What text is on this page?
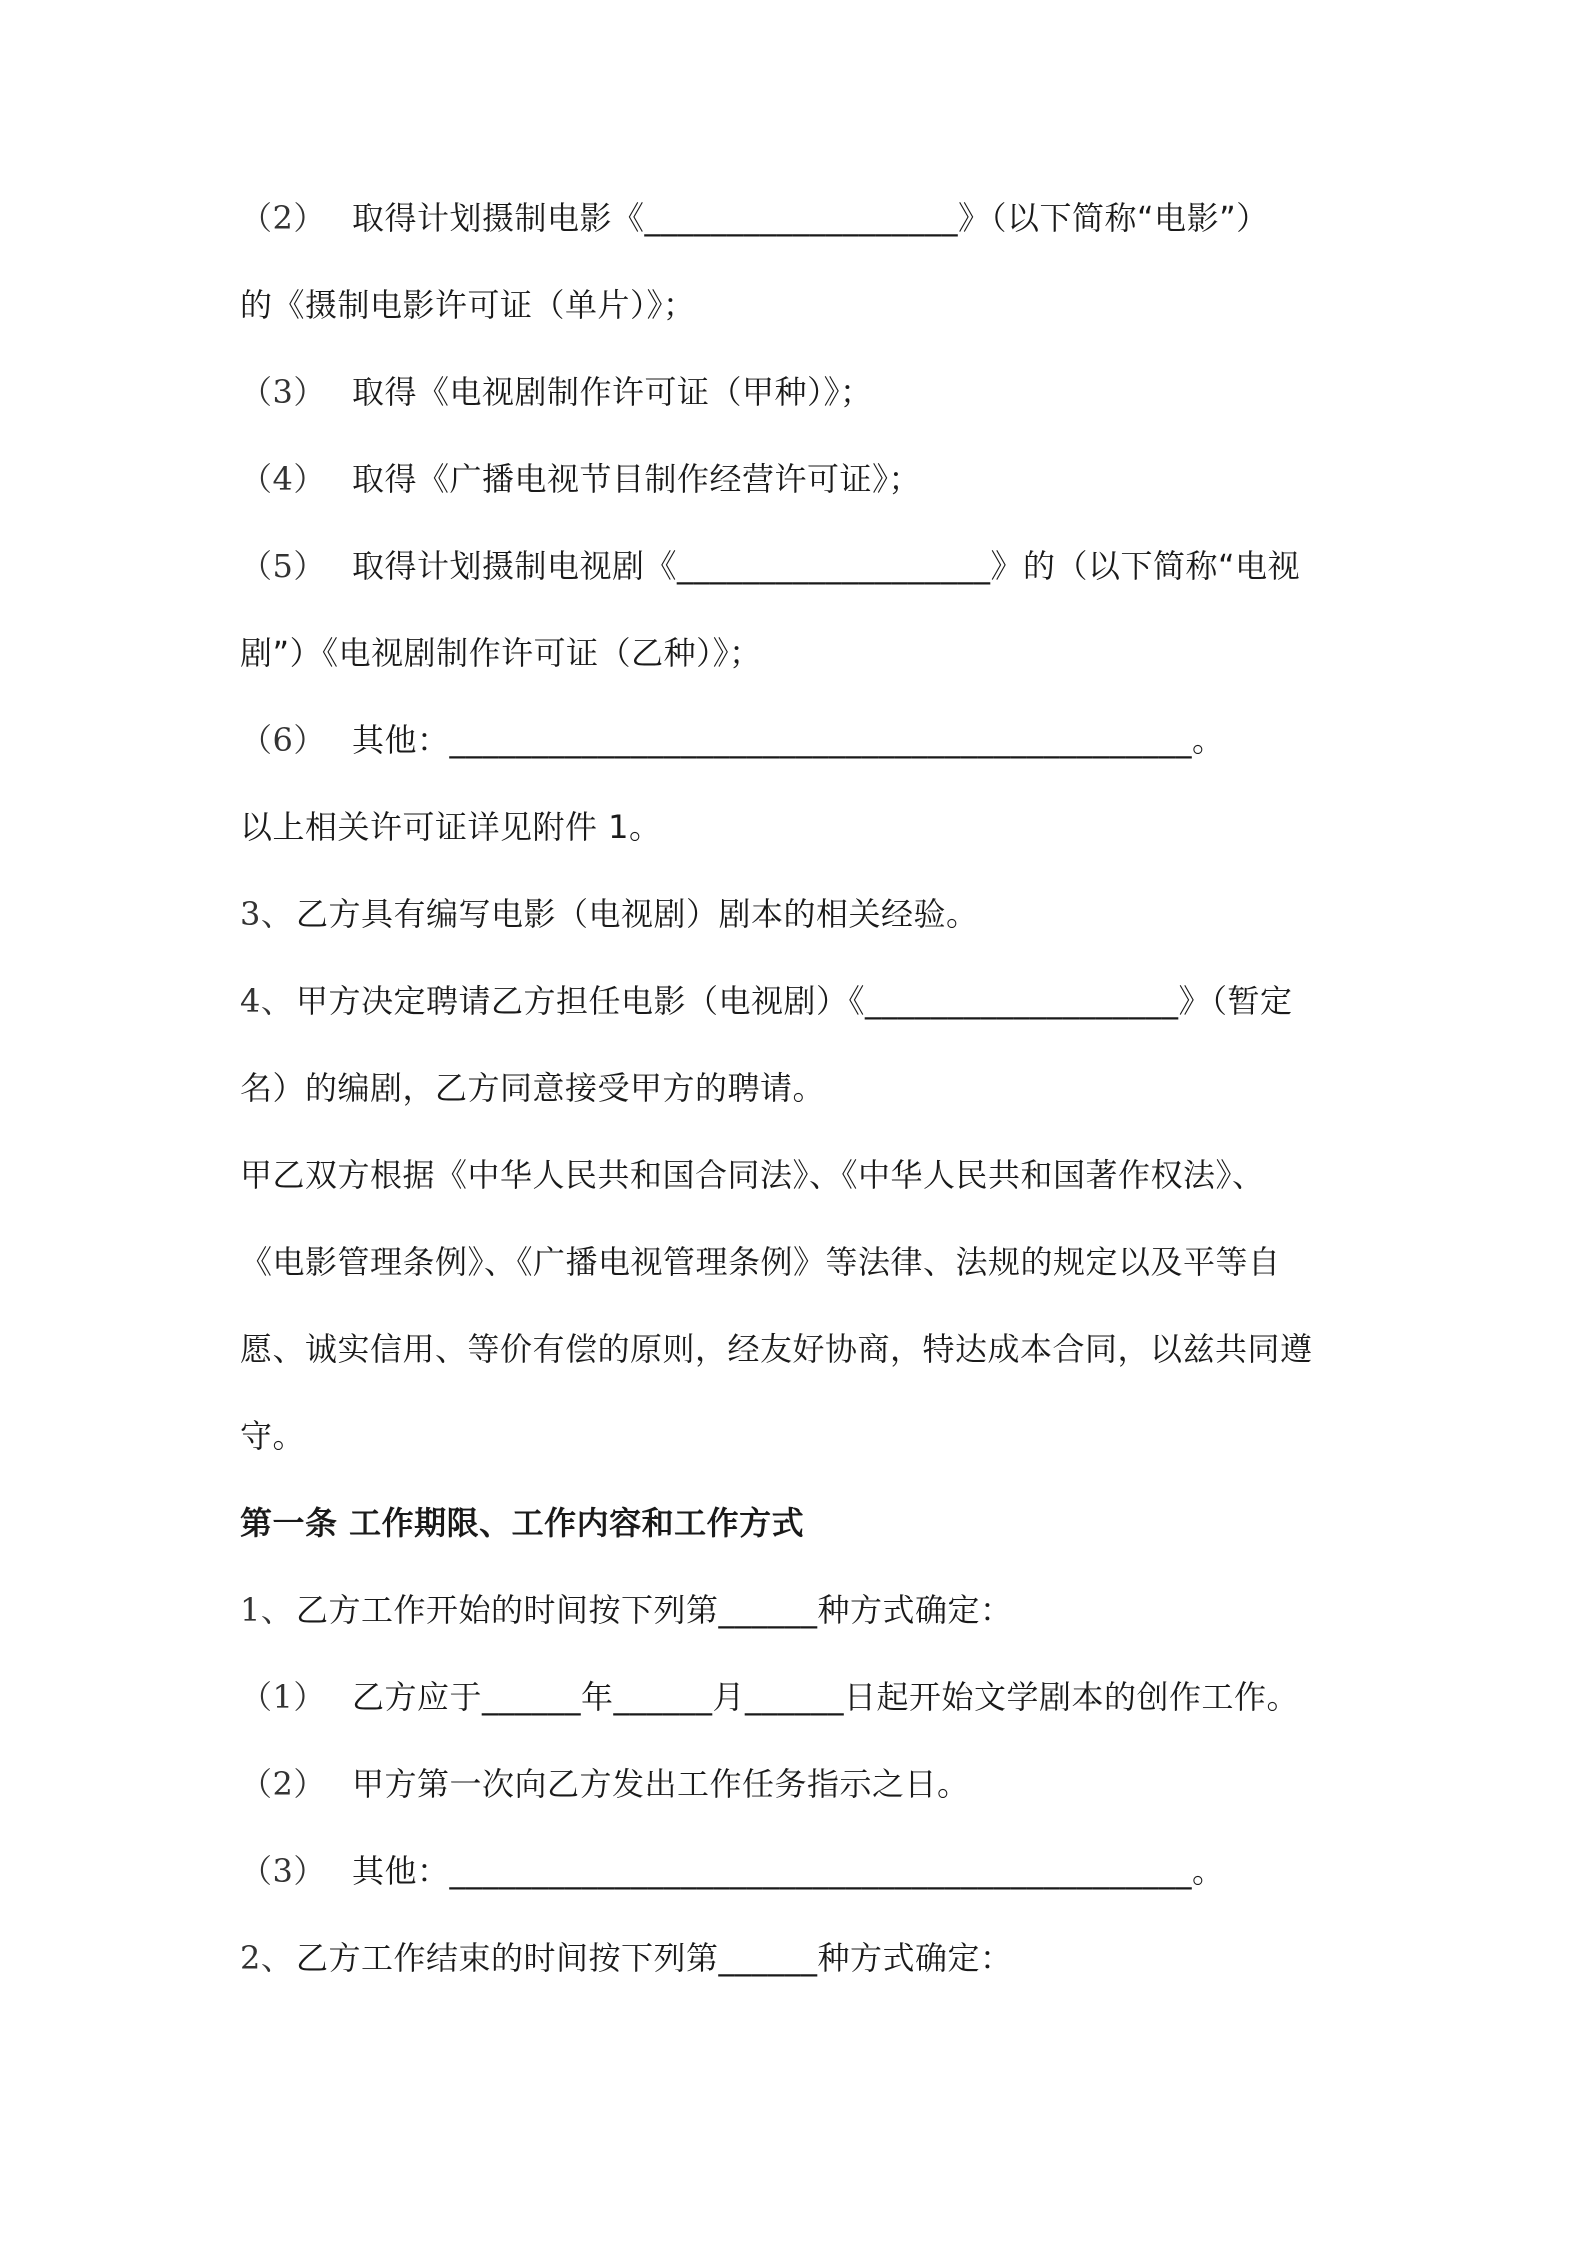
（2） 取得计划摄制电影《___________________》（以下简称“电影”）
的《摄制电影许可证（单片）》；
（3） 取得《电视剧制作许可证（甲种）》；
（4） 取得《广播电视节目制作经营许可证》；
（5） 取得计划摄制电视剧《___________________》的（以下简称“电视
剧”）《电视剧制作许可证（乙种）》；
（6） 其他：_____________________________________________。
以上相关许可证详见附件 1。
3、乙方具有编写电影（电视剧）剧本的相关经验。
4、甲方决定聘请乙方担任电影（电视剧）《___________________》（暂定
名）的编剧，乙方同意接受甲方的聘请。
甲乙双方根据《中华人民共和国合同法》、《中华人民共和国著作权法》、
《电影管理条例》、《广播电视管理条例》等法律、法规的规定以及平等自
愿、诚实信用、等价有偿的原则，经友好协商，特达成本合同，以兹共同遵
守。
第一条 工作期限、工作内容和工作方式
1、乙方工作开始的时间按下列第______种方式确定：
（1） 乙方应于______年______月______日起开始文学剧本的创作工作。
（2） 甲方第一次向乙方发出工作任务指示之日。
（3） 其他：_____________________________________________。
2、乙方工作结束的时间按下列第______种方式确定：
